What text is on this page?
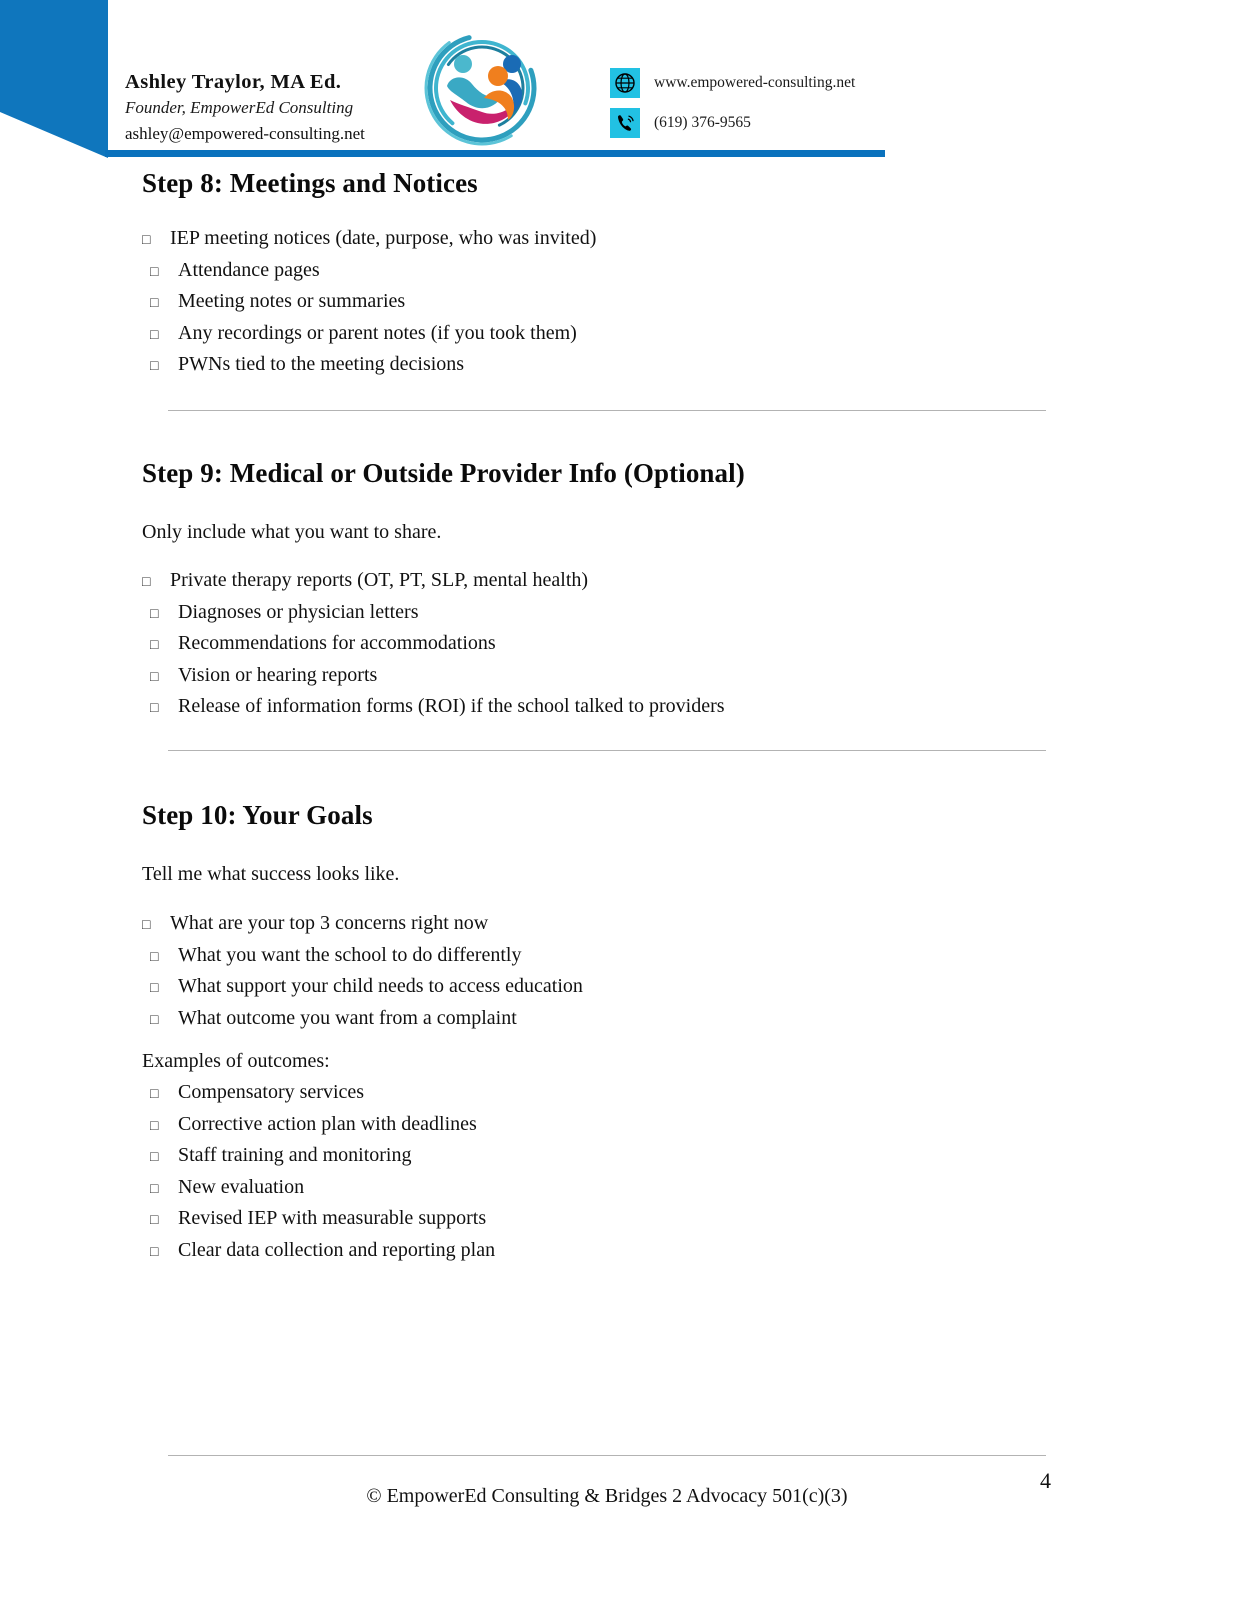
Ashley Traylor, MA Ed.
Founder, EmpowerEd Consulting
ashley@empowered-consulting.net
www.empowered-consulting.net
(619) 376-9565
Step 8: Meetings and Notices
□ IEP meeting notices (date, purpose, who was invited)
□ Attendance pages
□ Meeting notes or summaries
□ Any recordings or parent notes (if you took them)
□ PWNs tied to the meeting decisions
Step 9: Medical or Outside Provider Info (Optional)

Only include what you want to share.

□ Private therapy reports (OT, PT, SLP, mental health)
□ Diagnoses or physician letters
□ Recommendations for accommodations
□ Vision or hearing reports
□ Release of information forms (ROI) if the school talked to providers
Step 10: Your Goals

Tell me what success looks like.

□ What are your top 3 concerns right now
□ What you want the school to do differently
□ What support your child needs to access education
□ What outcome you want from a complaint

Examples of outcomes:

□ Compensatory services
□ Corrective action plan with deadlines
□ Staff training and monitoring
□ New evaluation
□ Revised IEP with measurable supports
□ Clear data collection and reporting plan
© EmpowerEd Consulting & Bridges 2 Advocacy 501(c)(3)
4
